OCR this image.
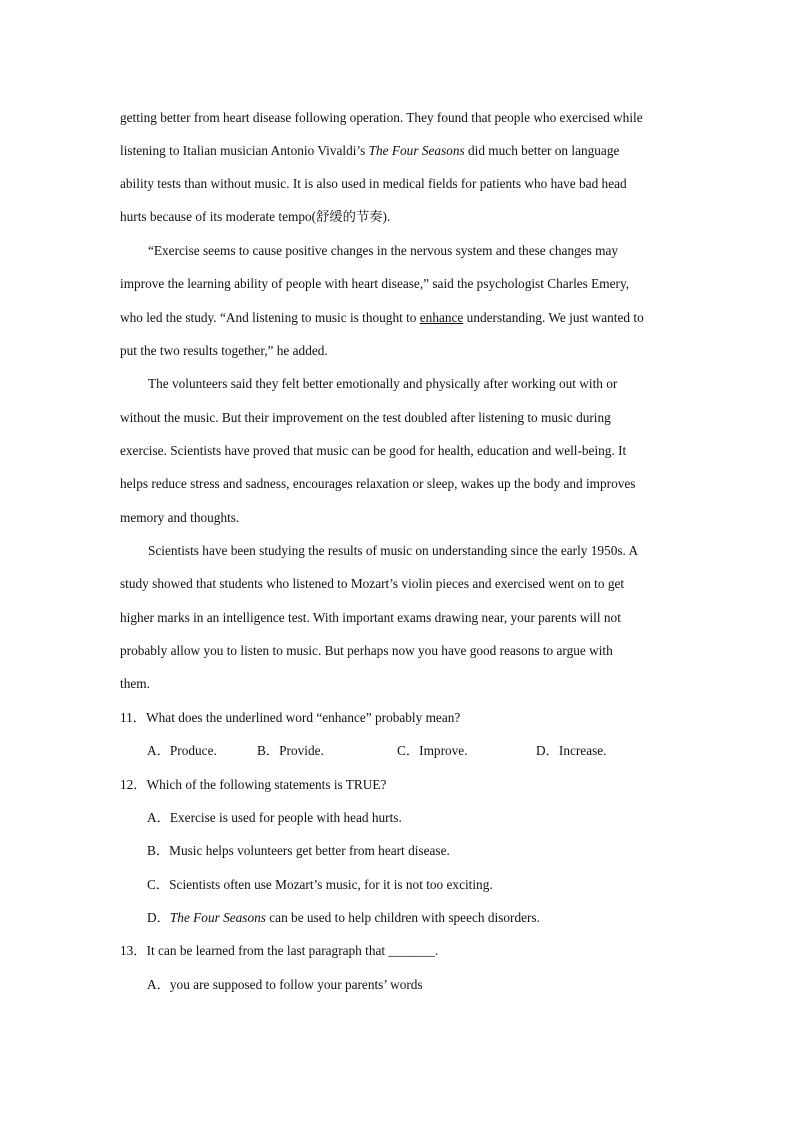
getting better from heart disease following operation. They found that people who exercised while
listening to Italian musician Antonio Vivaldi’s The Four Seasons did much better on language
ability tests than without music. It is also used in medical fields for patients who have bad head
hurts because of its moderate tempo(舒缓的节奏).
“Exercise seems to cause positive changes in the nervous system and these changes may
improve the learning ability of people with heart disease,” said the psychologist Charles Emery,
who led the study. “And listening to music is thought to enhance understanding. We just wanted to
put the two results together,” he added.
The volunteers said they felt better emotionally and physically after working out with or
without the music. But their improvement on the test doubled after listening to music during
exercise. Scientists have proved that music can be good for health, education and well-being. It
helps reduce stress and sadness, encourages relaxation or sleep, wakes up the body and improves
memory and thoughts.
Scientists have been studying the results of music on understanding since the early 1950s. A
study showed that students who listened to Mozart’s violin pieces and exercised went on to get
higher marks in an intelligence test. With important exams drawing near, your parents will not
probably allow you to listen to music. But perhaps now you have good reasons to argue with
them.
11．What does the underlined word “enhance” probably mean?
A．Produce.	B．Provide.	C．Improve.	D．Increase.
12．Which of the following statements is TRUE?
A．Exercise is used for people with head hurts.
B．Music helps volunteers get better from heart disease.
C．Scientists often use Mozart’s music, for it is not too exciting.
D．The Four Seasons can be used to help children with speech disorders.
13．It can be learned from the last paragraph that _______.
A．you are supposed to follow your parents’ words
